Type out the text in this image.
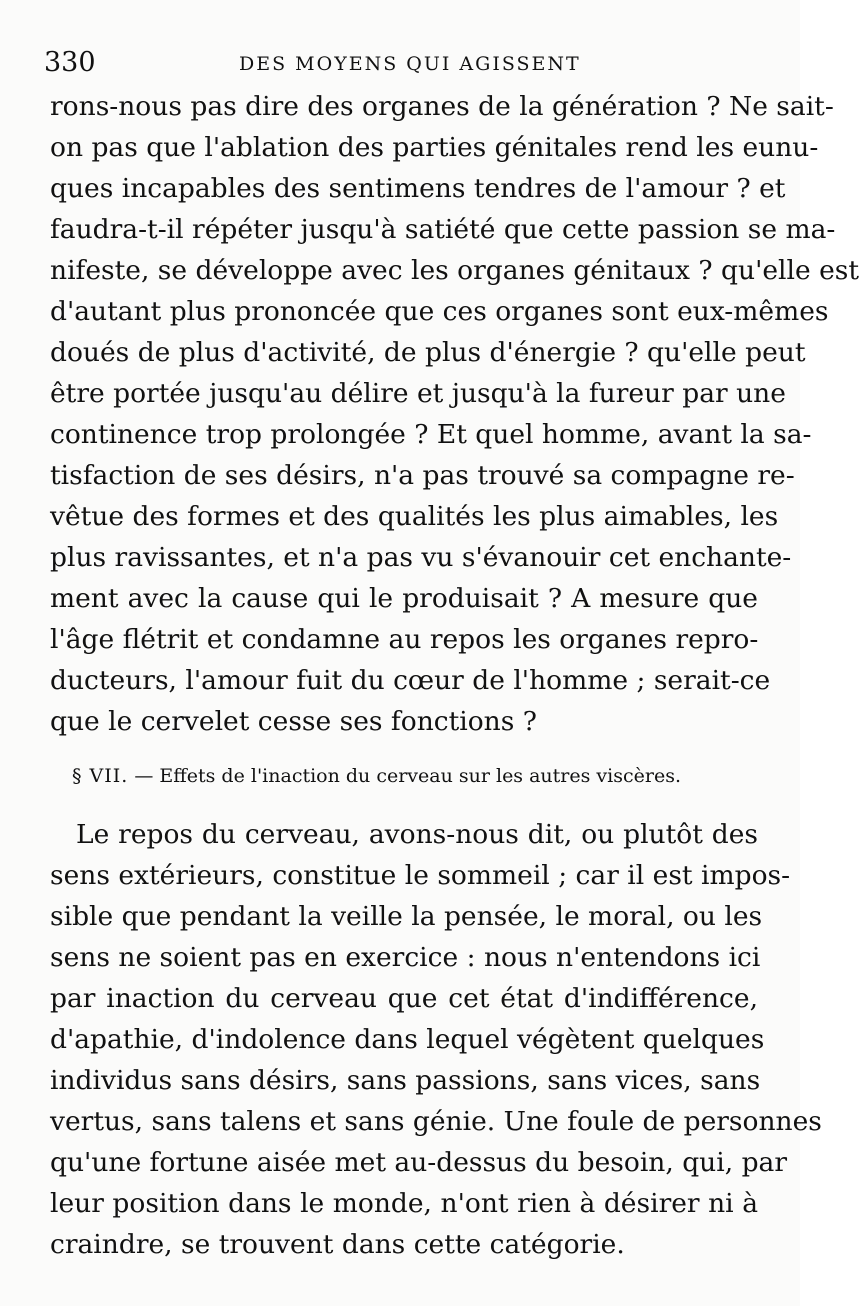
330	DES MOYENS QUI AGISSENT
rons-nous pas dire des organes de la génération ? Ne sait-
on pas que l'ablation des parties génitales rend les eunu-
ques incapables des sentimens tendres de l'amour ? et
faudra-t-il répéter jusqu'à satiété que cette passion se ma-
nifeste, se développe avec les organes génitaux ? qu'elle est
d'autant plus prononcée que ces organes sont eux-mêmes
doués de plus d'activité, de plus d'énergie ? qu'elle peut
être portée jusqu'au délire et jusqu'à la fureur par une
continence trop prolongée ? Et quel homme, avant la sa-
tisfaction de ses désirs, n'a pas trouvé sa compagne re-
vêtue des formes et des qualités les plus aimables, les
plus ravissantes, et n'a pas vu s'évanouir cet enchante-
ment avec la cause qui le produisait ? A mesure que
l'âge flétrit et condamne au repos les organes repro-
ducteurs, l'amour fuit du cœur de l'homme ; serait-ce
que le cervelet cesse ses fonctions ?
§ VII. — Effets de l'inaction du cerveau sur les autres viscères.
Le repos du cerveau, avons-nous dit, ou plutôt des
sens extérieurs, constitue le sommeil ; car il est impos-
sible que pendant la veille la pensée, le moral, ou les
sens ne soient pas en exercice : nous n'entendons ici
par inaction du cerveau que cet état d'indifférence,
d'apathie, d'indolence dans lequel végètent quelques
individus sans désirs, sans passions, sans vices, sans
vertus, sans talens et sans génie. Une foule de personnes
qu'une fortune aisée met au-dessus du besoin, qui, par
leur position dans le monde, n'ont rien à désirer ni à
craindre, se trouvent dans cette catégorie.
